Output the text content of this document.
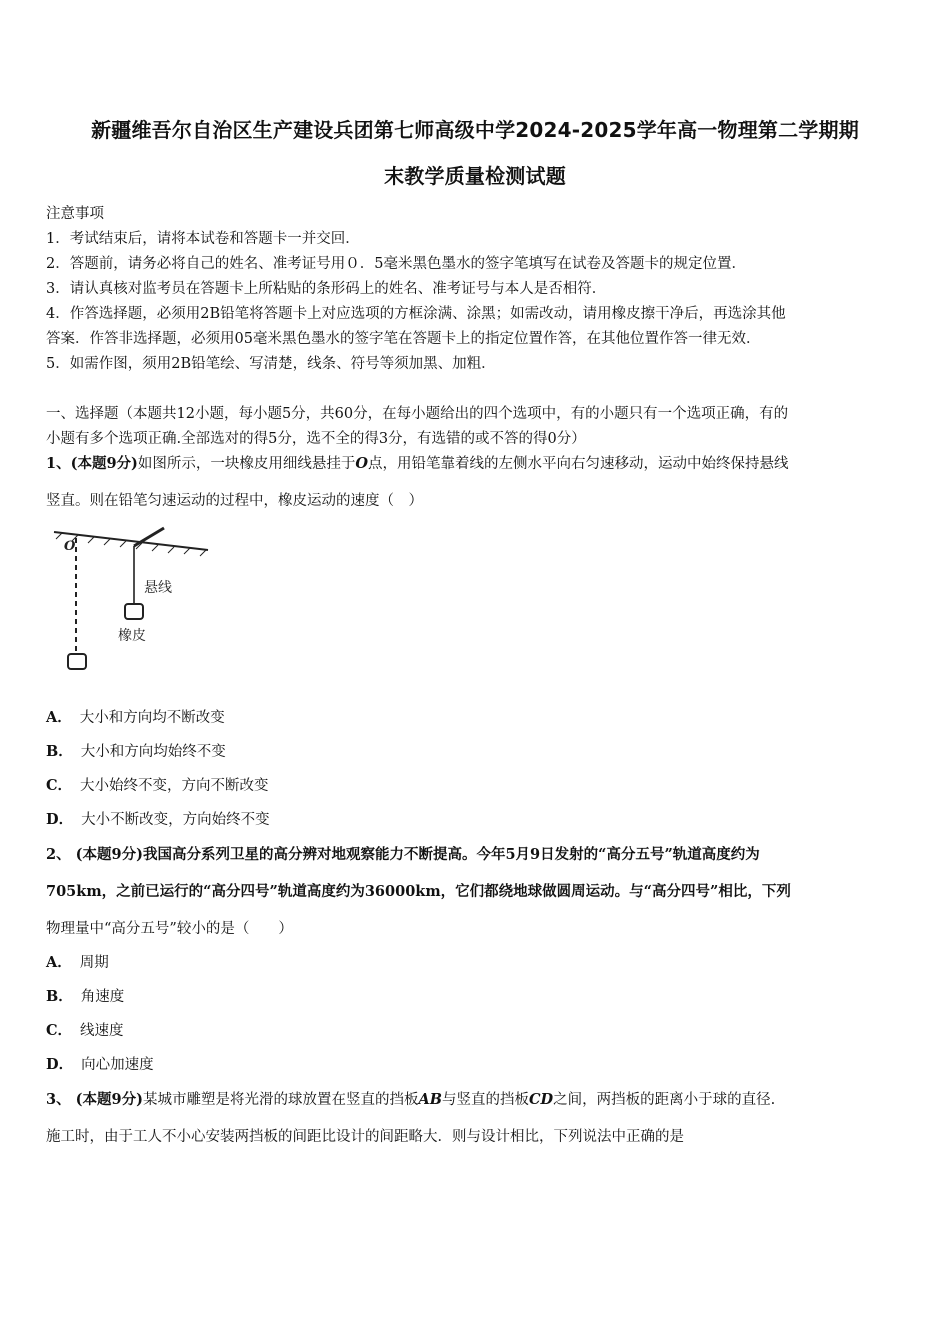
新疆维吾尔自治区生产建设兵团第七师高级中学2024-2025学年高一物理第二学期期
末教学质量检测试题
注意事项
1．考试结束后，请将本试卷和答题卡一并交回．
2．答题前，请务必将自己的姓名、准考证号用０．5毫米黑色墨水的签字笔填写在试卷及答题卡的规定位置．
3．请认真核对监考员在答题卡上所粘贴的条形码上的姓名、准考证号与本人是否相符．
4．作答选择题，必须用2B铅笔将答题卡上对应选项的方框涂满、涂黑；如需改动，请用橡皮擦干净后，再选涂其他
答案．作答非选择题，必须用05毫米黑色墨水的签字笔在答题卡上的指定位置作答，在其他位置作答一律无效．
5．如需作图，须用2B铅笔绘、写清楚，线条、符号等须加黑、加粗．
一、选择题（本题共12小题，每小题5分，共60分，在每小题给出的四个选项中，有的小题只有一个选项正确，有的
小题有多个选项正确.全部选对的得5分，选不全的得3分，有选错的或不答的得0分）
1、(本题9分)如图所示，一块橡皮用细线悬挂于O点，用铅笔靠着线的左侧水平向右匀速移动，运动中始终保持悬线
竖直。则在铅笔匀速运动的过程中，橡皮运动的速度（　）
O
悬线
橡皮
A． 大小和方向均不断改变
B． 大小和方向均始终不变
C． 大小始终不变，方向不断改变
D． 大小不断改变，方向始终不变
2、 (本题9分)我国高分系列卫星的高分辨对地观察能力不断提高。今年5月9日发射的“高分五号”轨道高度约为
705km，之前已运行的“高分四号”轨道高度约为36000km，它们都绕地球做圆周运动。与“高分四号”相比，下列
物理量中“高分五号”较小的是（　　）
A． 周期
B． 角速度
C． 线速度
D． 向心加速度
3、 (本题9分)某城市雕塑是将光滑的球放置在竖直的挡板AB与竖直的挡板CD之间，两挡板的距离小于球的直径.
施工时，由于工人不小心安装两挡板的间距比设计的间距略大．则与设计相比，下列说法中正确的是
